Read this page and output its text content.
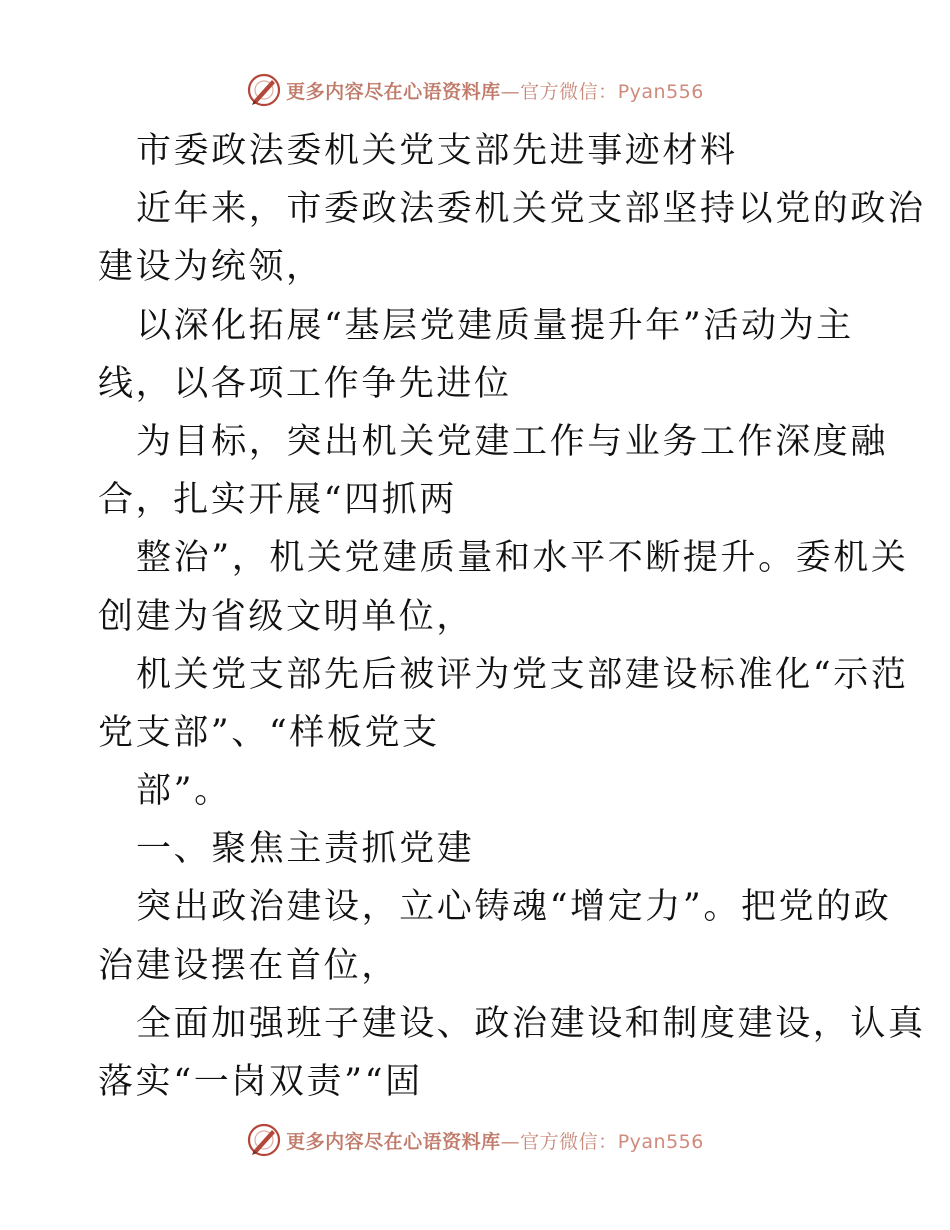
更多内容尽在心语资料库—官方微信：Pyan556
市委政法委机关党支部先进事迹材料
近年来，市委政法委机关党支部坚持以党的政治
建设为统领，
以深化拓展“基层党建质量提升年”活动为主
线，以各项工作争先进位
为目标，突出机关党建工作与业务工作深度融
合，扎实开展“四抓两
整治”，机关党建质量和水平不断提升。委机关
创建为省级文明单位，
机关党支部先后被评为党支部建设标准化“示范
党支部”、“样板党支
部”。
一、聚焦主责抓党建
突出政治建设，立心铸魂“增定力”。把党的政
治建设摆在首位，
全面加强班子建设、政治建设和制度建设，认真
落实“一岗双责”“固
更多内容尽在心语资料库—官方微信：Pyan556
